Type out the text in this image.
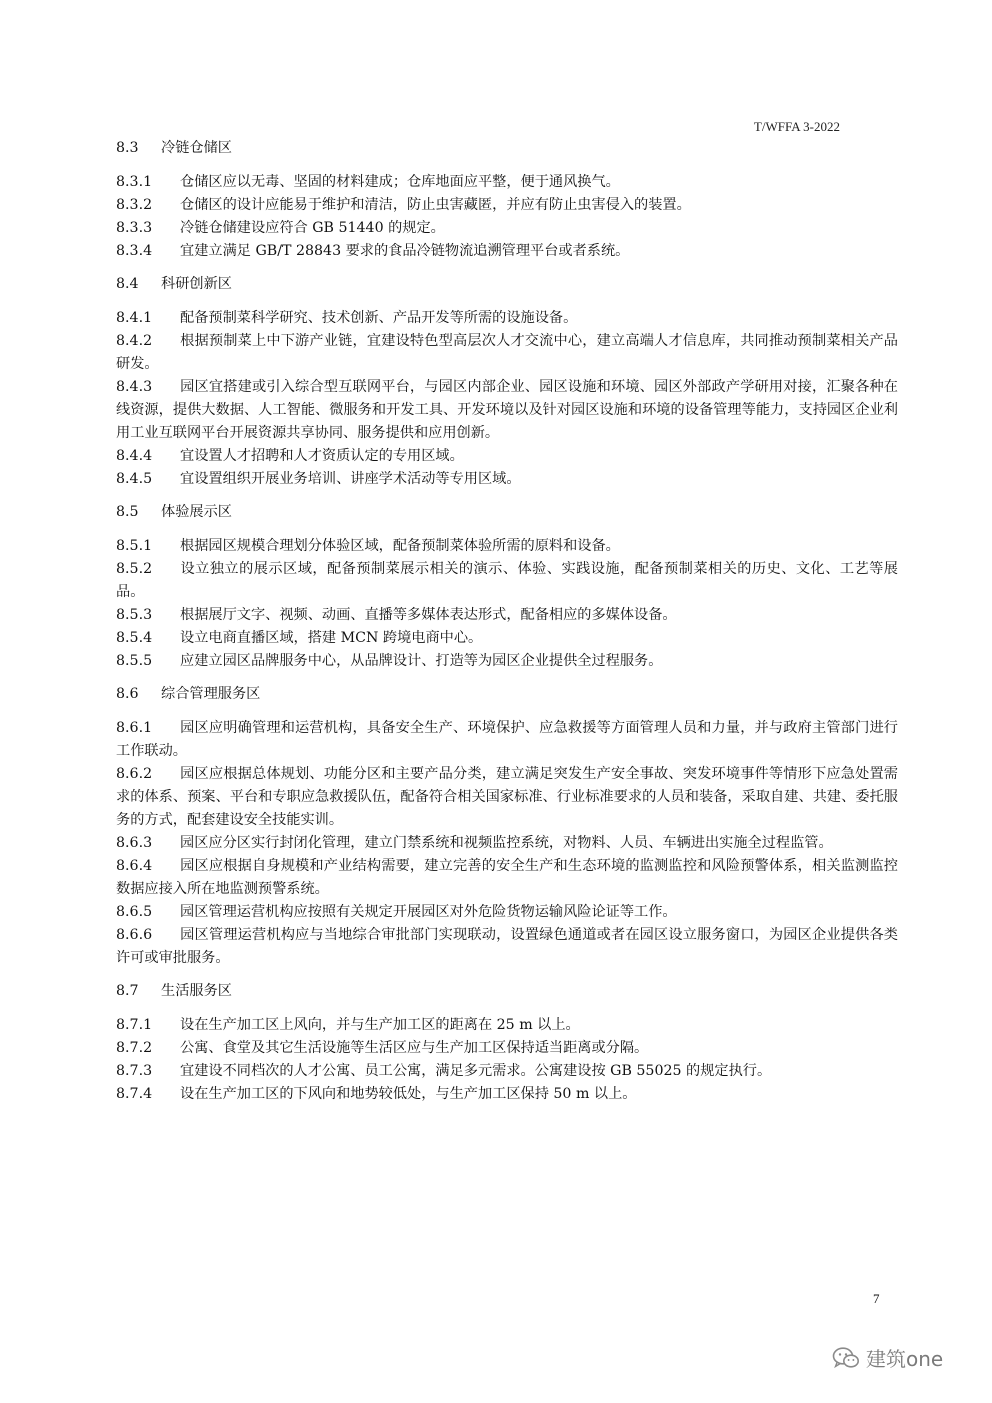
T/WFFA 3-2022

8.3 冷链仓储区

8.3.1 仓储区应以无毒、坚固的材料建成；仓库地面应平整，便于通风换气。

8.3.2 仓储区的设计应能易于维护和清洁，防止虫害藏匿，并应有防止虫害侵入的装置。

8.3.3 冷链仓储建设应符合 GB 51440 的规定。

8.3.4 宜建立满足 GB/T 28843 要求的食品冷链物流追溯管理平台或者系统。

8.4 科研创新区

8.4.1 配备预制菜科学研究、技术创新、产品开发等所需的设施设备。

8.4.2 根据预制菜上中下游产业链，宜建设特色型高层次人才交流中心，建立高端人才信息库，共同推动预制菜相关产品研发。

8.4.3 园区宜搭建或引入综合型互联网平台，与园区内部企业、园区设施和环境、园区外部政产学研用对接，汇聚各种在线资源，提供大数据、人工智能、微服务和开发工具、开发环境以及针对园区设施和环境的设备管理等能力，支持园区企业利用工业互联网平台开展资源共享协同、服务提供和应用创新。

8.4.4 宜设置人才招聘和人才资质认定的专用区域。

8.4.5 宜设置组织开展业务培训、讲座学术活动等专用区域。

8.5 体验展示区

8.5.1 根据园区规模合理划分体验区域，配备预制菜体验所需的原料和设备。

8.5.2 设立独立的展示区域，配备预制菜展示相关的演示、体验、实践设施，配备预制菜相关的历史、文化、工艺等展品。

8.5.3 根据展厅文字、视频、动画、直播等多媒体表达形式，配备相应的多媒体设备。

8.5.4 设立电商直播区域，搭建 MCN 跨境电商中心。

8.5.5 应建立园区品牌服务中心，从品牌设计、打造等为园区企业提供全过程服务。

8.6 综合管理服务区

8.6.1 园区应明确管理和运营机构，具备安全生产、环境保护、应急救援等方面管理人员和力量，并与政府主管部门进行工作联动。

8.6.2 园区应根据总体规划、功能分区和主要产品分类，建立满足突发生产安全事故、突发环境事件等情形下应急处置需求的体系、预案、平台和专职应急救援队伍，配备符合相关国家标准、行业标准要求的人员和装备，采取自建、共建、委托服务的方式，配套建设安全技能实训。

8.6.3 园区应分区实行封闭化管理，建立门禁系统和视频监控系统，对物料、人员、车辆进出实施全过程监管。

8.6.4 园区应根据自身规模和产业结构需要，建立完善的安全生产和生态环境的监测监控和风险预警体系，相关监测监控数据应接入所在地监测预警系统。

8.6.5 园区管理运营机构应按照有关规定开展园区对外危险货物运输风险论证等工作。

8.6.6 园区管理运营机构应与当地综合审批部门实现联动，设置绿色通道或者在园区设立服务窗口，为园区企业提供各类许可或审批服务。

8.7 生活服务区

8.7.1 设在生产加工区上风向，并与生产加工区的距离在 25 m 以上。

8.7.2 公寓、食堂及其它生活设施等生活区应与生产加工区保持适当距离或分隔。

8.7.3 宜建设不同档次的人才公寓、员工公寓，满足多元需求。公寓建设按 GB 55025 的规定执行。

8.7.4 设在生产加工区的下风向和地势较低处，与生产加工区保持 50 m 以上。

7
建筑one
